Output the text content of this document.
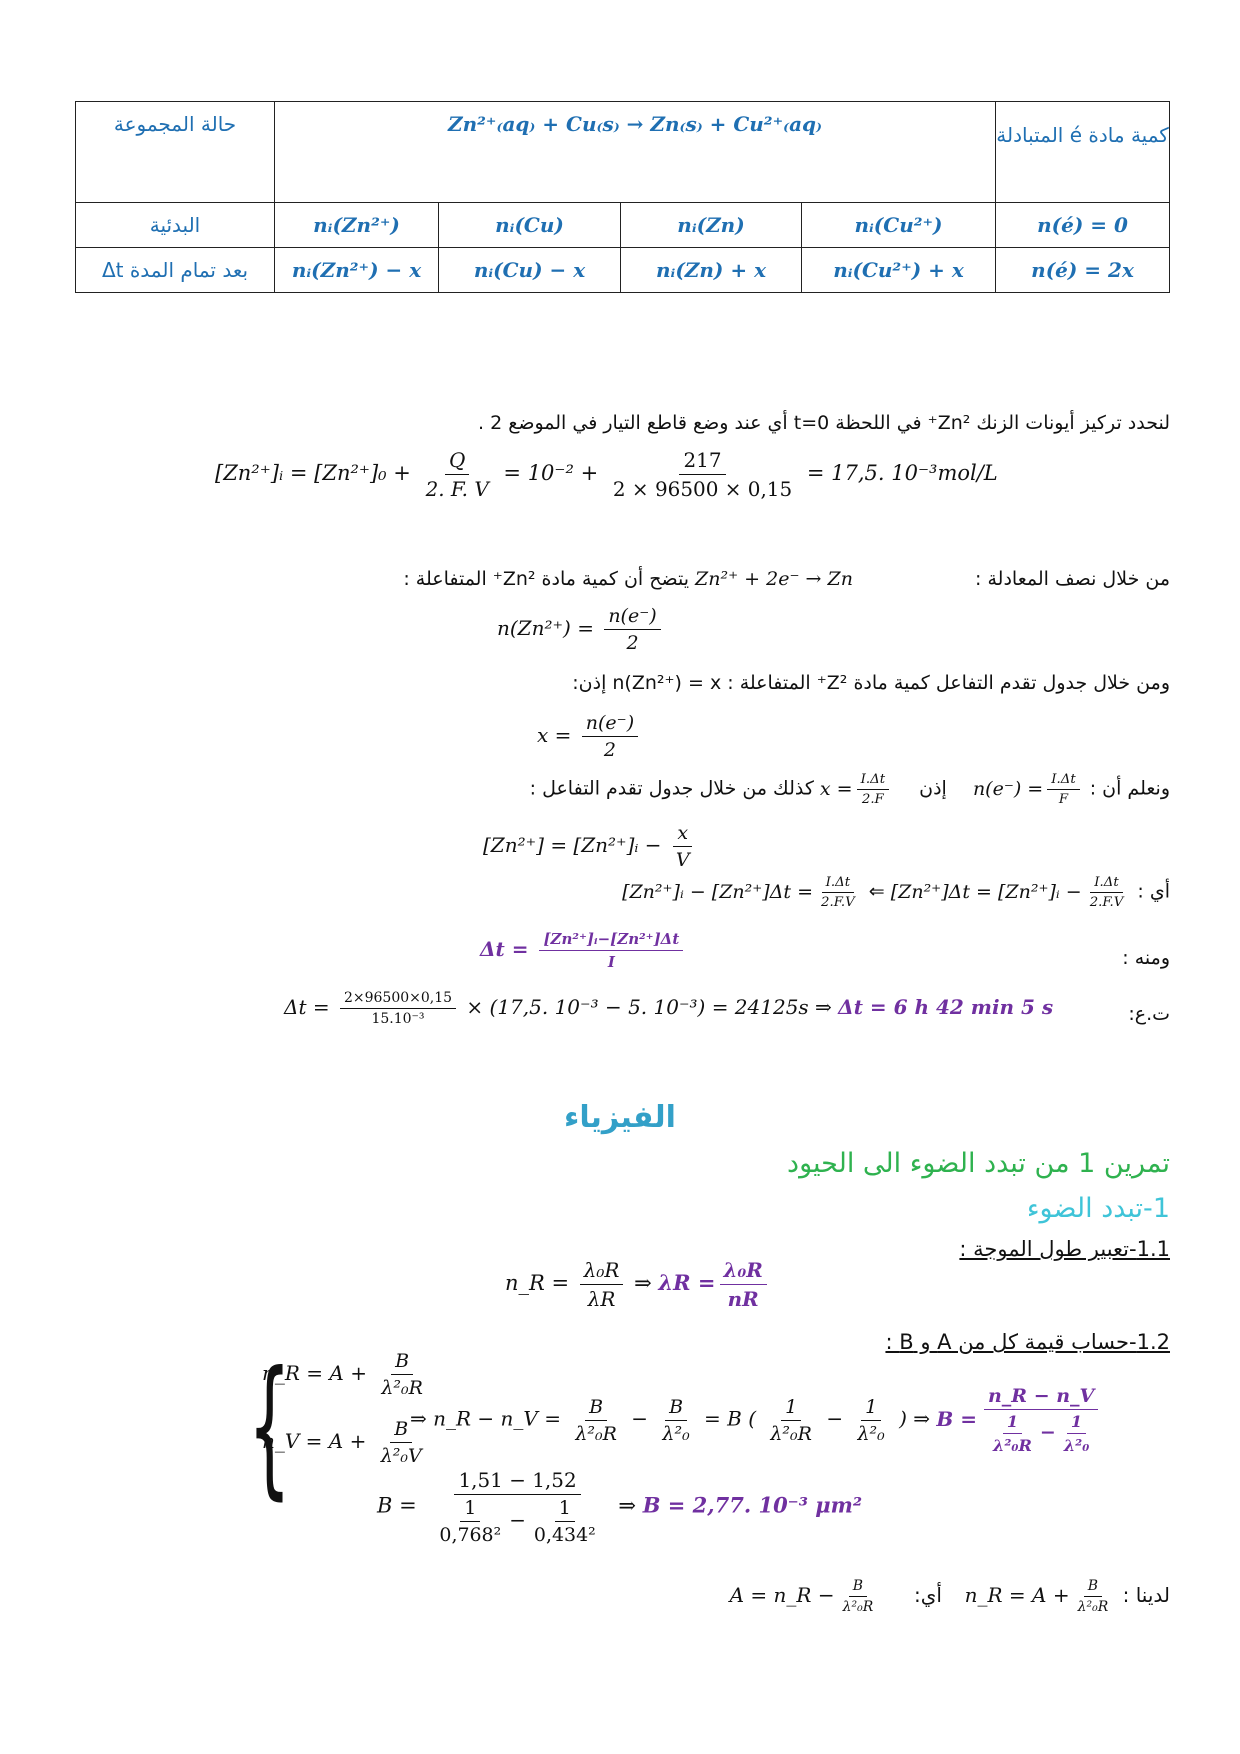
حالة المجموعة	Zn²⁺₍aq₎ + Cu₍s₎ → Zn₍s₎ + Cu²⁺₍aq₎				كمية مادة é المتبادلة
البدئية	nᵢ(Zn²⁺)	nᵢ(Cu)	nᵢ(Zn)	nᵢ(Cu²⁺)	n(é) = 0
بعد تمام المدة Δt	nᵢ(Zn²⁺) − x	nᵢ(Cu) − x	nᵢ(Zn) + x	nᵢ(Cu²⁺) + x	n(é) = 2x
لنحدد تركيز أيونات الزنك Zn²⁺ في اللحظة t=0 أي عند وضع قاطع التيار في الموضع 2 .
[Zn²⁺]ᵢ = $[Zn^{2+}]_0 + \frac{Q}{2. F. V} = 10^{-2} + \frac{217}{2 \times 96500 \times 0,15} = 17,5$. 10⁻³mol/L
من خلال نصف المعادلة :  Zn²⁺ + 2e⁻ → Zn يتضح أن كمية مادة Zn²⁺ المتفاعلة :
$n(Zn^{2+}) = \frac{n(e^-)}{2}$
ومن خلال جدول تقدم التفاعل كمية مادة Z²⁺ المتفاعلة : n(Zn²⁺) = x إذن:
$x = \frac{n(e^-)}{2}$
ونعلم أن : $n(e^-) = \frac{I.\Delta t}{F}$
إذن  $x = \frac{I.\Delta t}{2.F}$
كذلك من خلال جدول تقدم التفاعل :
[Zn²⁺] = [Zn²⁺]ᵢ − $\frac{x}{V}$
أي : [Zn²⁺]Δt = [Zn²⁺]ᵢ − $\frac{I.\Delta t}{2.F.V}$
⇐ [Zn²⁺]ᵢ − $[Zn^{2+}]\Delta t = \frac{I.\Delta t}{2.F.V}$
ومنه :
$\Delta t = \frac{\text{[Zn²⁺]ᵢ−[Zn²⁺]Δt}}{I}$
ت.ع:
$\Delta t = \frac{2\times 96500\times 0,15}{\text{15.10⁻³}} \times (17,5$. 10⁻³ − 5. 10⁻³) = 24125s ⇒ Δt = 6 h 42 min 5 s
الفيزياء
تمرين 1 من تبدد الضوء الى الحيود
1-تبدد الضوء
1.1-تعبير طول الموجة :
n_R = $\frac{\text{λ₀R}}{\lambda R}$ ⇒ $\lambda R = \frac{\text{λ₀R}}{nR}$
1.2-حساب قيمة كل من A و B :
{
n_R = $A + \frac{B}{\text{λ²₀R}}$
n_V = $A + \frac{B}{\text{λ²₀V}}$
⇒ n_R − n_V = $\frac{B}{\text{λ²₀R}} - \frac{B}{\text{λ²₀}} = B$ ( $\frac{1}{\text{λ²₀R}} - \frac{1}{\text{λ²₀}}$ ) ⇒ $B = \frac{n\_R - n\_V}{\frac{1}{\text{λ²₀R}} - \frac{1}{\text{λ²₀}}}$
$B = \frac{1,51 - 1,52}{\frac{1}{\text{0,768²}} - \frac{1}{\text{0,434²}}}$ ⇒ B = 2,77. 10⁻³ μm²
لدينا : n_R = $A + \frac{B}{\text{λ²₀R}}$
أي:  A = n_R − $\frac{B}{\text{λ²₀R}}$
